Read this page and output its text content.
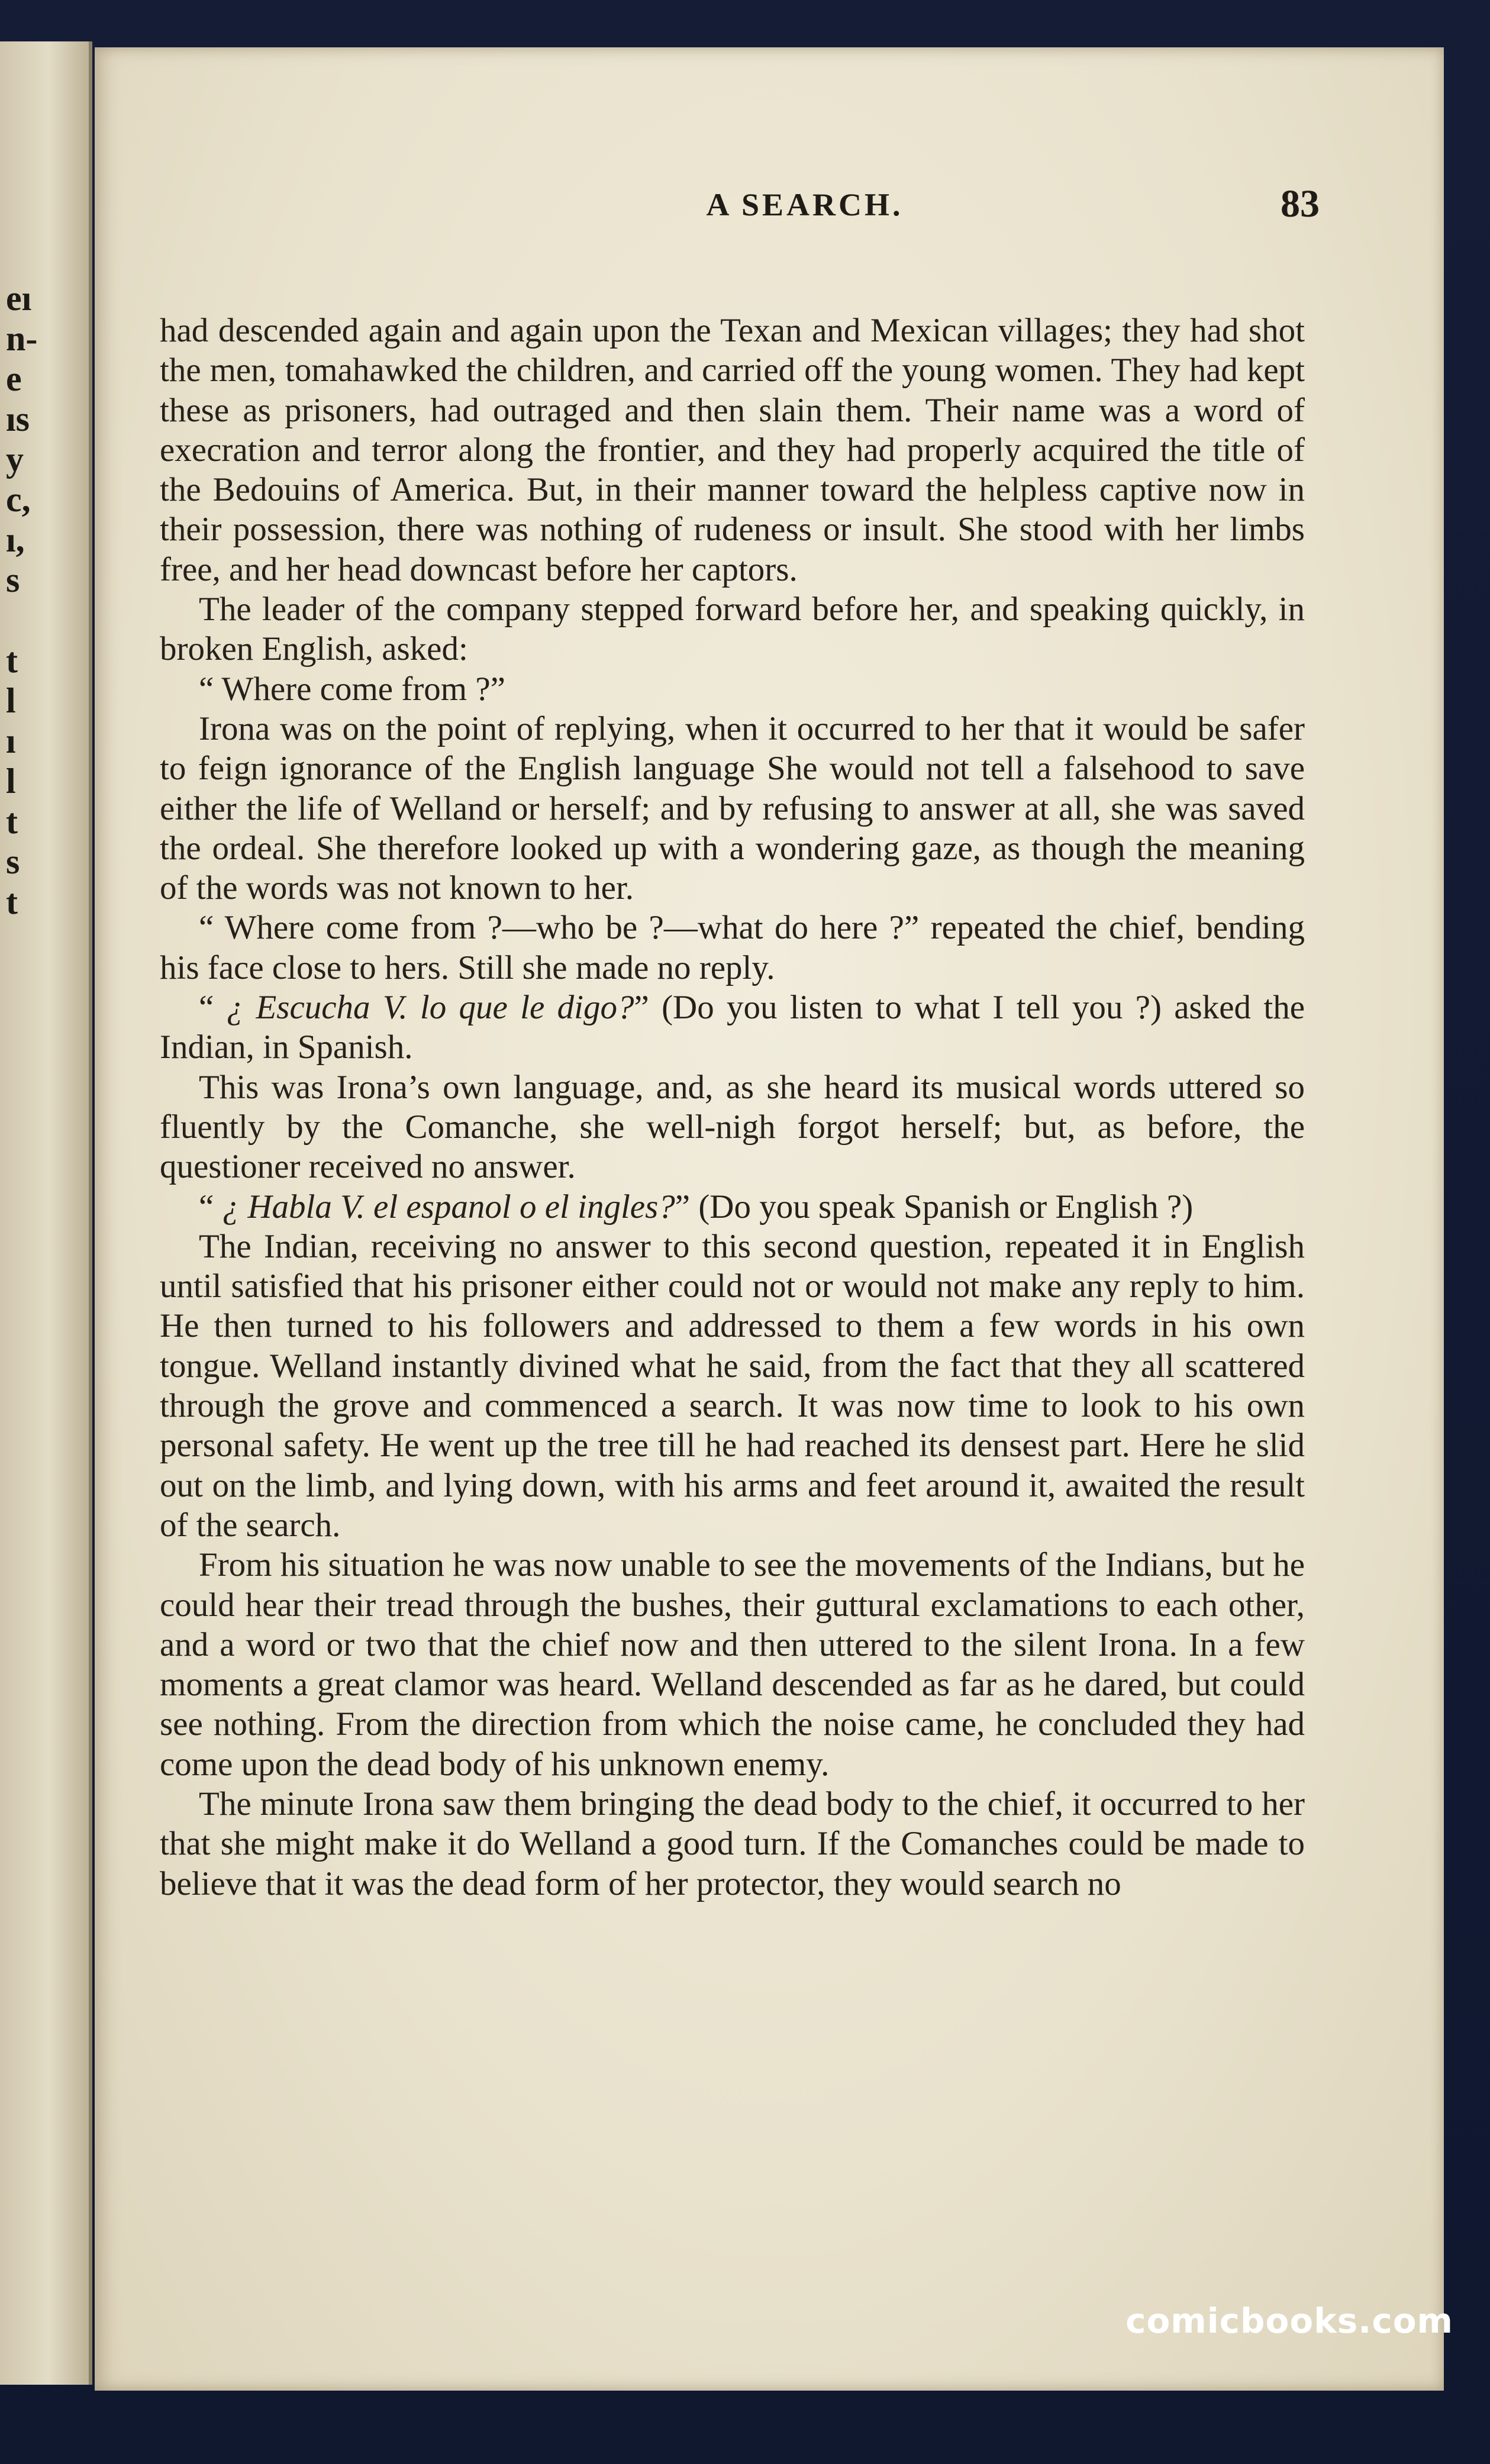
eı
n-
e
ıs
y
c,
ı,
s
t
l
ı
l
t
s
t
A SEARCH.	83

had descended again and again upon the Texan and Mexican villages; they had shot the men, tomahawked the children, and carried off the young women. They had kept these as prisoners, had outraged and then slain them. Their name was a word of execration and terror along the frontier, and they had properly acquired the title of the Bedouins of America. But, in their manner toward the helpless captive now in their possession, there was nothing of rudeness or insult. She stood with her limbs free, and her head downcast before her captors.

The leader of the company stepped forward before her, and speaking quickly, in broken English, asked:

“ Where come from ?”

Irona was on the point of replying, when it occurred to her that it would be safer to feign ignorance of the English language She would not tell a falsehood to save either the life of Welland or herself; and by refusing to answer at all, she was saved the ordeal. She therefore looked up with a wondering gaze, as though the meaning of the words was not known to her.

“ Where come from ?—who be ?—what do here ?” repeated the chief, bending his face close to hers. Still she made no reply.

“ ¿ Escucha V. lo que le digo?” (Do you listen to what I tell you ?) asked the Indian, in Spanish.

This was Irona’s own language, and, as she heard its musical words uttered so fluently by the Comanche, she well-nigh forgot herself; but, as before, the questioner received no answer.

“ ¿ Habla V. el espanol o el ingles?” (Do you speak Spanish or English ?)

The Indian, receiving no answer to this second question, repeated it in English until satisfied that his prisoner either could not or would not make any reply to him. He then turned to his followers and addressed to them a few words in his own tongue. Welland instantly divined what he said, from the fact that they all scattered through the grove and commenced a search. It was now time to look to his own personal safety. He went up the tree till he had reached its densest part. Here he slid out on the limb, and lying down, with his arms and feet around it, awaited the result of the search.

From his situation he was now unable to see the movements of the Indians, but he could hear their tread through the bushes, their guttural exclamations to each other, and a word or two that the chief now and then uttered to the silent Irona. In a few moments a great clamor was heard. Welland descended as far as he dared, but could see nothing. From the direction from which the noise came, he concluded they had come upon the dead body of his unknown enemy.

The minute Irona saw them bringing the dead body to the chief, it occurred to her that she might make it do Welland a good turn. If the Comanches could be made to believe that it was the dead form of her protector, they would search no

comicbooks.com
